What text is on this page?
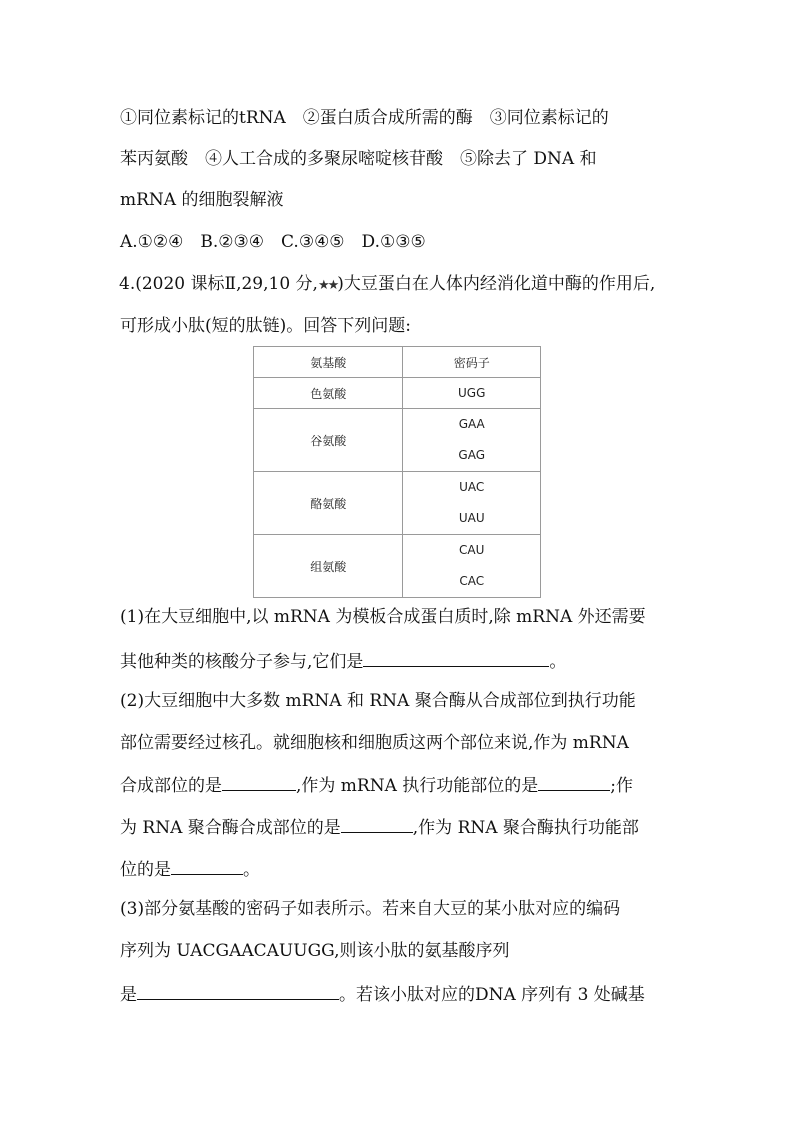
①同位素标记的tRNA　②蛋白质合成所需的酶　③同位素标记的
苯丙氨酸　④人工合成的多聚尿嘧啶核苷酸　⑤除去了 DNA 和
mRNA 的细胞裂解液
A.①②④　B.②③④　C.③④⑤　D.①③⑤
4.(2020 课标Ⅱ,29,10 分,★★)大豆蛋白在人体内经消化道中酶的作用后,
可形成小肽(短的肽链)。回答下列问题:
氨基酸	密码子
色氨酸	UGG
谷氨酸	GAA
GAG

酪氨酸	UAC
UAU

组氨酸	CAU
CAC
(1)在大豆细胞中,以 mRNA 为模板合成蛋白质时,除 mRNA 外还需要
其他种类的核酸分子参与,它们是	。
(2)大豆细胞中大多数 mRNA 和 RNA 聚合酶从合成部位到执行功能
部位需要经过核孔。就细胞核和细胞质这两个部位来说,作为 mRNA
合成部位的是	,作为 mRNA 执行功能部位的是	;作
为 RNA 聚合酶合成部位的是	,作为 RNA 聚合酶执行功能部
位的是	。
(3)部分氨基酸的密码子如表所示。若来自大豆的某小肽对应的编码
序列为 UACGAACAUUGG,则该小肽的氨基酸序列
是	。若该小肽对应的DNA 序列有 3 处碱基
